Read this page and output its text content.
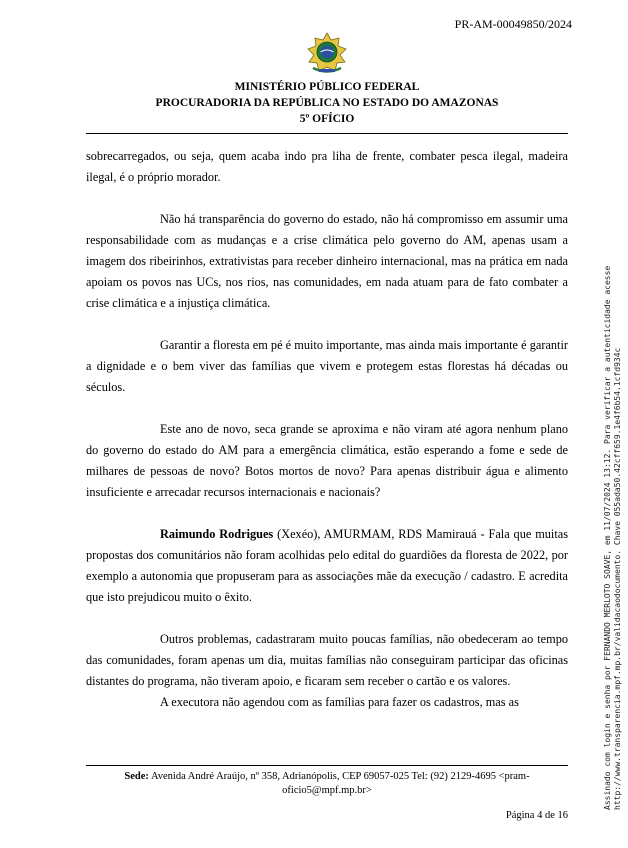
PR-AM-00049850/2024
MINISTÉRIO PÚBLICO FEDERAL
PROCURADORIA DA REPÚBLICA NO ESTADO DO AMAZONAS
5º OFÍCIO

sobrecarregados, ou seja, quem acaba indo pra liha de frente, combater pesca ilegal, madeira ilegal, é o próprio morador.

Não há transparência do governo do estado, não há compromisso em assumir uma responsabilidade com as mudanças e a crise climática pelo governo do AM, apenas usam a imagem dos ribeirinhos, extrativistas para receber dinheiro internacional, mas na prática em nada apoiam os povos nas UCs, nos rios, nas comunidades, em nada atuam para de fato combater a crise climática e a injustiça climática.

Garantir a floresta em pé é muito importante, mas ainda mais importante é garantir a dignidade e o bem viver das famílias que vivem e protegem estas florestas há décadas ou séculos.

Este ano de novo, seca grande se aproxima e não viram até agora nenhum plano do governo do estado do AM para a emergência climática, estão esperando a fome e sede de milhares de pessoas de novo? Botos mortos de novo? Para apenas distribuir água e alimento insuficiente e arrecadar recursos internacionais e nacionais?

Raimundo Rodrigues (Xexéo), AMURMAM, RDS Mamirauá - Fala que muitas propostas dos comunitários não foram acolhidas pelo edital do guardiões da floresta de 2022, por exemplo a autonomia que propuseram para as associações mãe da execução / cadastro. E acredita que isto prejudicou muito o êxito.

Outros problemas, cadastraram muito poucas famílias, não obedeceram ao tempo das comunidades, foram apenas um dia, muitas famílias não conseguiram participar das oficinas distantes do programa, não tiveram apoio, e ficaram sem receber o cartão e os valores.

A executora não agendou com as famílias para fazer os cadastros, mas as

Sede: Avenida André Araújo, nº 358, Adrianópolis, CEP 69057-025 Tel: (92) 2129-4695 <pram-oficio5@mpf.mp.br>
Página 4 de 16
Assinado com login e senha por FERNANDO MERLOTO SOAVE, em 11/07/2024 13:12. Para verificar a autenticidade acesse http://www.transparencia.mpf.mp.br/validacaodocumento. Chave 055ada50.42cff659.1e4f6b54.1cfd934c
